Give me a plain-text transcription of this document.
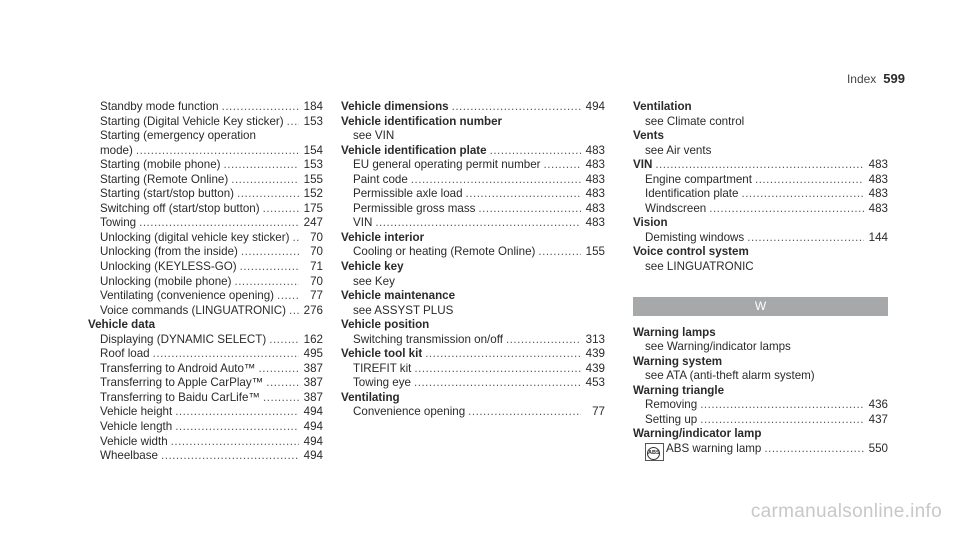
Index 599
Standby mode function .....	184
Starting (Digital Vehicle Key sticker) ..... 153
Starting (emergency operation
mode) .....	154
Starting (mobile phone) .....	153
Starting (Remote Online) .....	155
Starting (start/stop button) .....	152
Switching off (start/stop button) .....	175
Towing .....	247
Unlocking (digital vehicle key sticker) .....	70
Unlocking (from the inside) .....	70
Unlocking (KEYLESS-GO) .....	71
Unlocking (mobile phone) .....	70
Ventilating (convenience opening) .....	77
Voice commands (LINGUATRONIC) ..... 276
Vehicle data
Displaying (DYNAMIC SELECT) .....	162
Roof load .....	495
Transferring to Android Auto™ .....	387
Transferring to Apple CarPlay™ .....	387
Transferring to Baidu CarLife™ .....	387
Vehicle height .....	494
Vehicle length .....	494
Vehicle width .....	494
Wheelbase .....	494
Vehicle dimensions .....	494
Vehicle identification number
see VIN
Vehicle identification plate .....	483
EU general operating permit number .....	483
Paint code .....	483
Permissible axle load .....	483
Permissible gross mass .....	483
VIN .....	483
Vehicle interior
Cooling or heating (Remote Online) .....	155
Vehicle key
see Key
Vehicle maintenance
see ASSYST PLUS
Vehicle position
Switching transmission on/off .....	313
Vehicle tool kit .....	439
TIREFIT kit .....	439
Towing eye .....	453
Ventilating
Convenience opening .....	77
Ventilation
see Climate control
Vents
see Air vents
VIN .....	483
Engine compartment .....	483
Identification plate .....	483
Windscreen .....	483
Vision
Demisting windows .....	144
Voice control system
see LINGUATRONIC
W
Warning lamps
see Warning/indicator lamps
Warning system
see ATA (anti-theft alarm system)
Warning triangle
Removing .....	436
Setting up .....	437
Warning/indicator lamp
ABS ABS warning lamp .....	550
carmanualsonline.info
